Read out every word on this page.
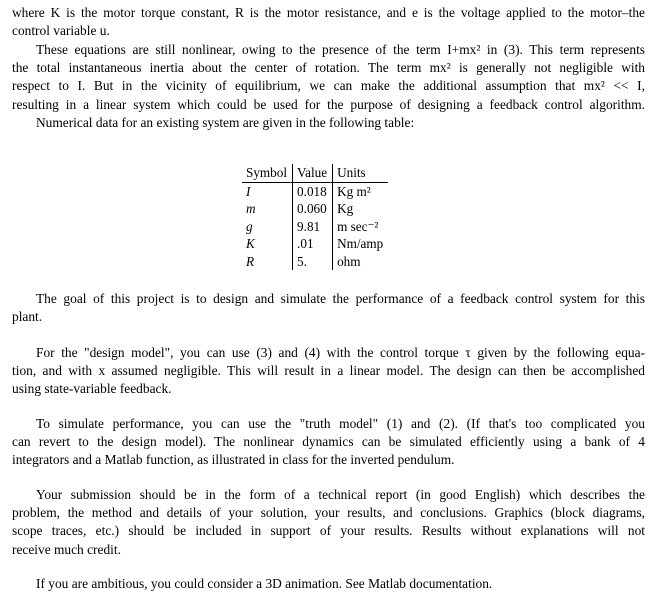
where K is the motor torque constant, R is the motor resistance, and e is the voltage applied to the motor–the
control variable u.
These equations are still nonlinear, owing to the presence of the term I+mx² in (3). This term represents
the total instantaneous inertia about the center of rotation. The term mx² is generally not negligible with
respect to I. But in the vicinity of equilibrium, we can make the additional assumption that mx² << I,
resulting in a linear system which could be used for the purpose of designing a feedback control algorithm.
Numerical data for an existing system are given in the following table:
Symbol	Value	Units
I	0.018	Kg m²
m	0.060	Kg
g	9.81	m sec⁻²
K	.01	Nm/amp
R	5.	ohm
The goal of this project is to design and simulate the performance of a feedback control system for this
plant.
For the "design model", you can use (3) and (4) with the control torque τ given by the following equa-
tion, and with x assumed negligible. This will result in a linear model. The design can then be accomplished
using state-variable feedback.
To simulate performance, you can use the "truth model" (1) and (2). (If that's too complicated you
can revert to the design model). The nonlinear dynamics can be simulated efficiently using a bank of 4
integrators and a Matlab function, as illustrated in class for the inverted pendulum.
Your submission should be in the form of a technical report (in good English) which describes the
problem, the method and details of your solution, your results, and conclusions. Graphics (block diagrams,
scope traces, etc.) should be included in support of your results. Results without explanations will not
receive much credit.
If you are ambitious, you could consider a 3D animation. See Matlab documentation.
